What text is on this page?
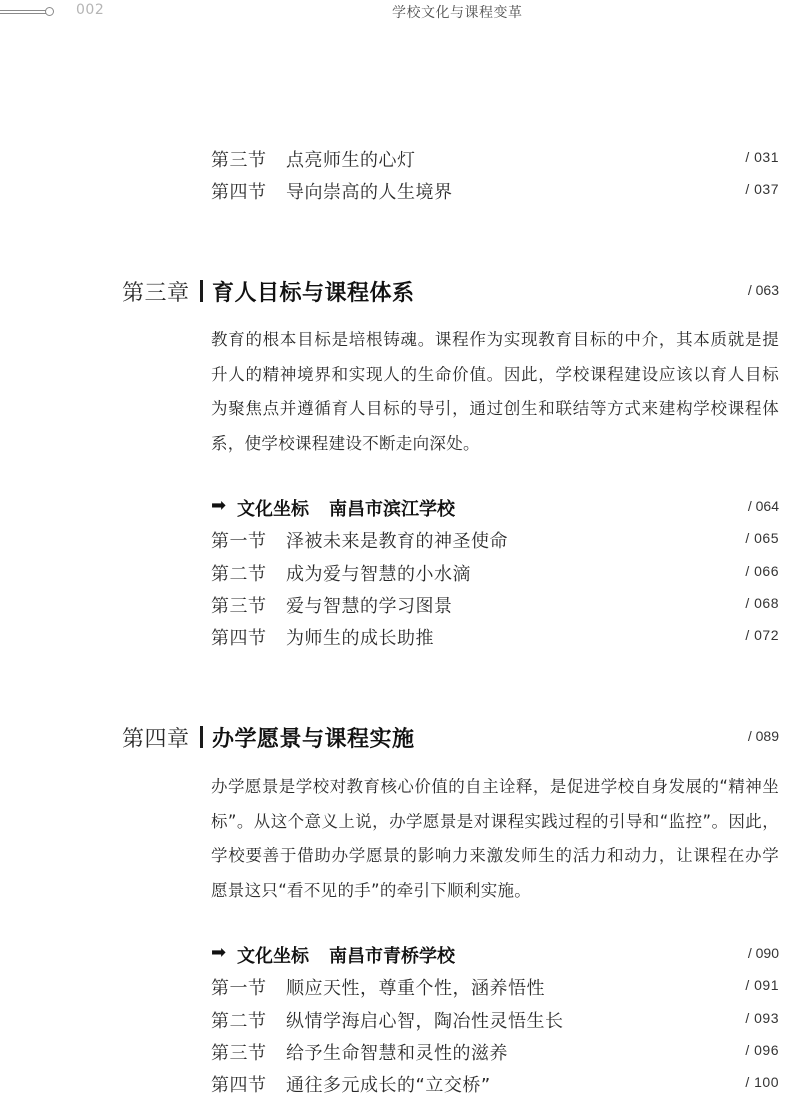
002	学校文化与课程变革
第三节 点亮师生的心灯	/ 031
第四节 导向崇高的人生境界	/ 037
第三章 育人目标与课程体系	/ 063
教育的根本目标是培根铸魂。课程作为实现教育目标的中介，其本质就是提升人的精神境界和实现人的生命价值。因此，学校课程建设应该以育人目标为聚焦点并遵循育人目标的导引，通过创生和联结等方式来建构学校课程体系，使学校课程建设不断走向深处。
➡ 文化坐标 南昌市滨江学校	/ 064
第一节 泽被未来是教育的神圣使命	/ 065
第二节 成为爱与智慧的小水滴	/ 066
第三节 爱与智慧的学习图景	/ 068
第四节 为师生的成长助推	/ 072
第四章 办学愿景与课程实施	/ 089
办学愿景是学校对教育核心价值的自主诠释，是促进学校自身发展的“精神坐标”。从这个意义上说，办学愿景是对课程实践过程的引导和“监控”。因此，学校要善于借助办学愿景的影响力来激发师生的活力和动力，让课程在办学愿景这只“看不见的手”的牵引下顺利实施。
➡ 文化坐标 南昌市青桥学校	/ 090
第一节 顺应天性，尊重个性，涵养悟性	/ 091
第二节 纵情学海启心智，陶冶性灵悟生长	/ 093
第三节 给予生命智慧和灵性的滋养	/ 096
第四节 通往多元成长的“立交桥”	/ 100
